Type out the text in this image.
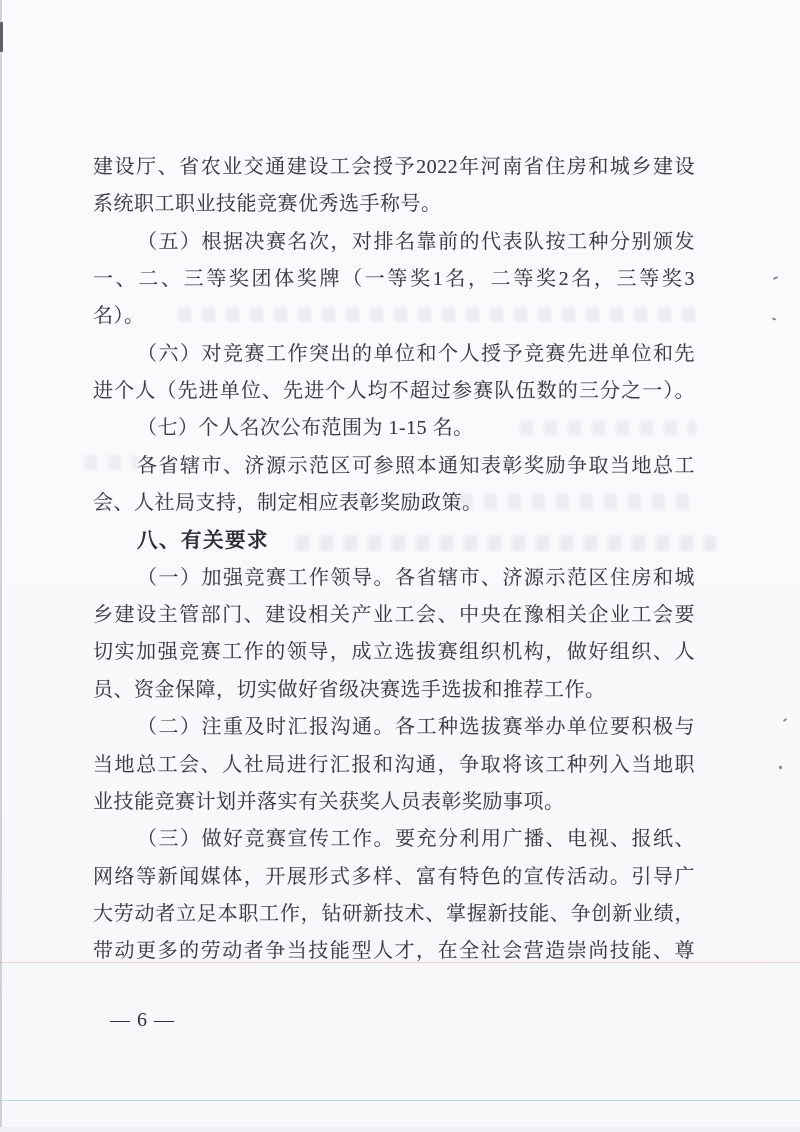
建设厅、省农业交通建设工会授予2022年河南省住房和城乡建设
系统职工职业技能竞赛优秀选手称号。
（五）根据决赛名次，对排名靠前的代表队按工种分别颁发
一、二、三等奖团体奖牌（一等奖1名，二等奖2名，三等奖3
名）。
（六）对竞赛工作突出的单位和个人授予竞赛先进单位和先
进个人（先进单位、先进个人均不超过参赛队伍数的三分之一）。
（七）个人名次公布范围为 1-15 名。
各省辖市、济源示范区可参照本通知表彰奖励争取当地总工
会、人社局支持，制定相应表彰奖励政策。
八、有关要求
（一）加强竞赛工作领导。各省辖市、济源示范区住房和城
乡建设主管部门、建设相关产业工会、中央在豫相关企业工会要
切实加强竞赛工作的领导，成立选拔赛组织机构，做好组织、人
员、资金保障，切实做好省级决赛选手选拔和推荐工作。
（二）注重及时汇报沟通。各工种选拔赛举办单位要积极与
当地总工会、人社局进行汇报和沟通，争取将该工种列入当地职
业技能竞赛计划并落实有关获奖人员表彰奖励事项。
（三）做好竞赛宣传工作。要充分利用广播、电视、报纸、
网络等新闻媒体，开展形式多样、富有特色的宣传活动。引导广
大劳动者立足本职工作，钻研新技术、掌握新技能、争创新业绩，
带动更多的劳动者争当技能型人才，在全社会营造崇尚技能、尊
— 6 —
